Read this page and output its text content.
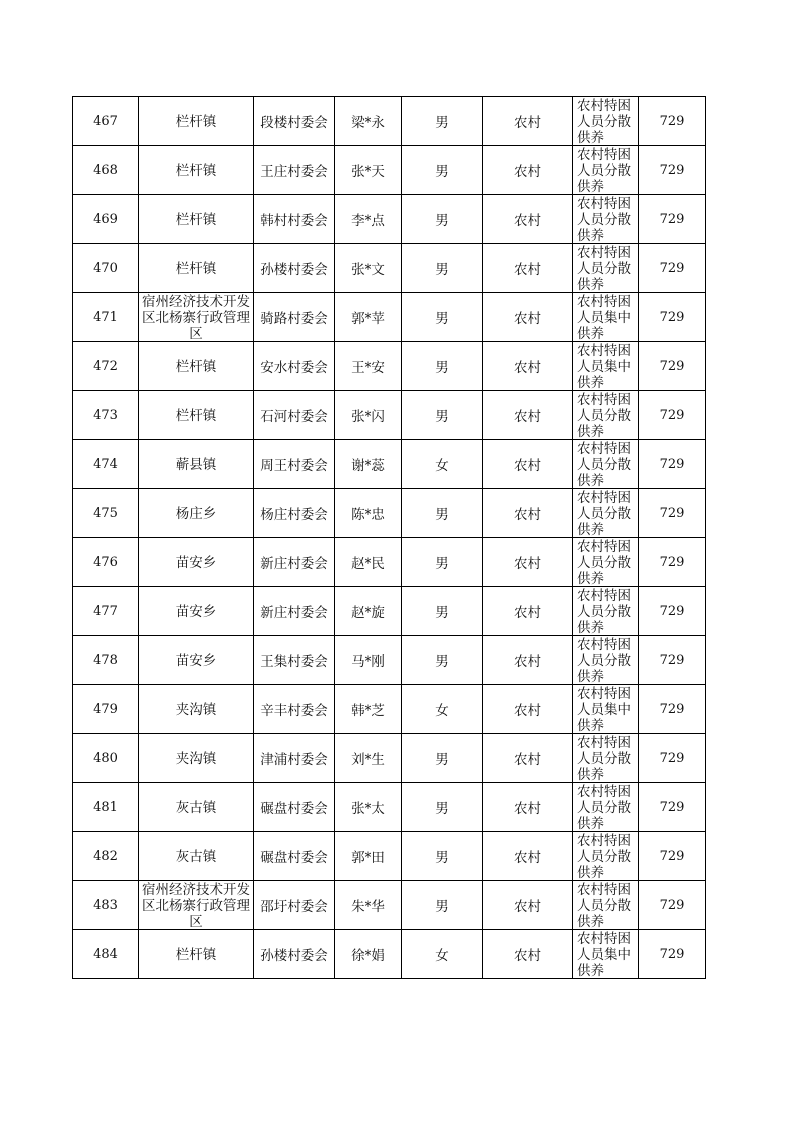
467	栏杆镇	段楼村委会	梁*永	男	农村	农村特困人员分散供养	729
468	栏杆镇	王庄村委会	张*天	男	农村	农村特困人员分散供养	729
469	栏杆镇	韩村村委会	李*点	男	农村	农村特困人员分散供养	729
470	栏杆镇	孙楼村委会	张*文	男	农村	农村特困人员分散供养	729
471	宿州经济技术开发区北杨寨行政管理区	骑路村委会	郭*苹	男	农村	农村特困人员集中供养	729
472	栏杆镇	安水村委会	王*安	男	农村	农村特困人员集中供养	729
473	栏杆镇	石河村委会	张*闪	男	农村	农村特困人员分散供养	729
474	蕲县镇	周王村委会	谢*蕊	女	农村	农村特困人员分散供养	729
475	杨庄乡	杨庄村委会	陈*忠	男	农村	农村特困人员分散供养	729
476	苗安乡	新庄村委会	赵*民	男	农村	农村特困人员分散供养	729
477	苗安乡	新庄村委会	赵*旋	男	农村	农村特困人员分散供养	729
478	苗安乡	王集村委会	马*刚	男	农村	农村特困人员分散供养	729
479	夹沟镇	辛丰村委会	韩*芝	女	农村	农村特困人员集中供养	729
480	夹沟镇	津浦村委会	刘*生	男	农村	农村特困人员分散供养	729
481	灰古镇	碾盘村委会	张*太	男	农村	农村特困人员分散供养	729
482	灰古镇	碾盘村委会	郭*田	男	农村	农村特困人员分散供养	729
483	宿州经济技术开发区北杨寨行政管理区	邵圩村委会	朱*华	男	农村	农村特困人员分散供养	729
484	栏杆镇	孙楼村委会	徐*娟	女	农村	农村特困人员集中供养	729
